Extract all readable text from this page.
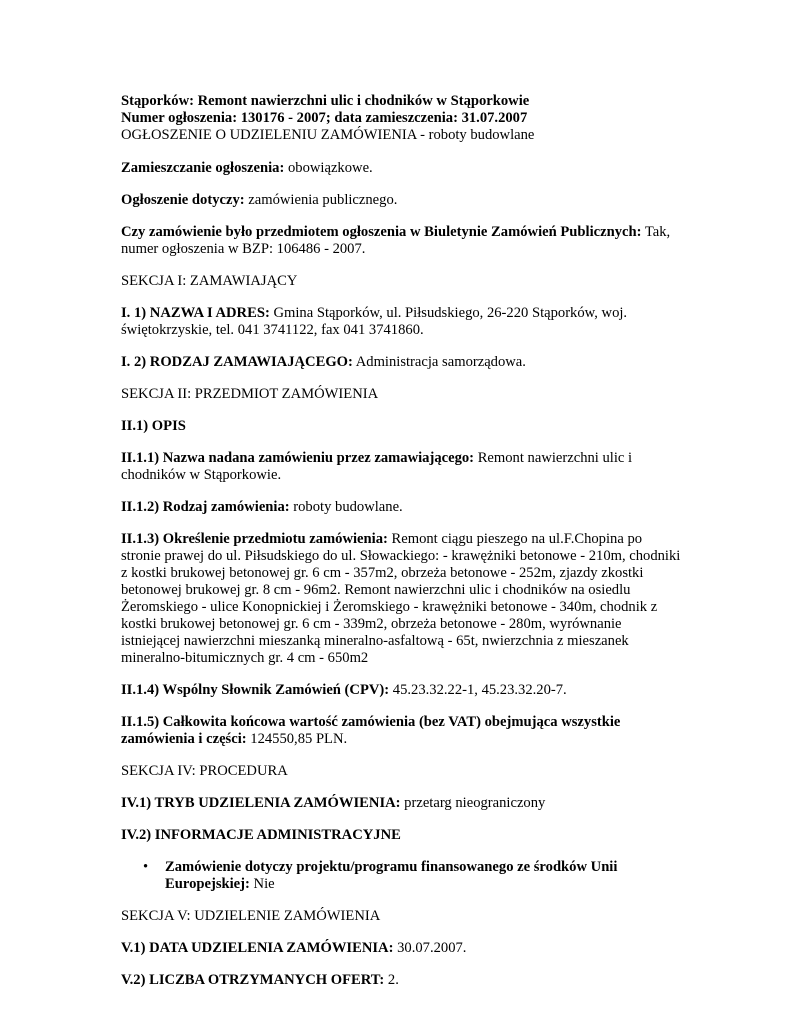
Stąporków: Remont nawierzchni ulic i chodników w Stąporkowie
Numer ogłoszenia: 130176 - 2007; data zamieszczenia: 31.07.2007
OGŁOSZENIE O UDZIELENIU ZAMÓWIENIA - roboty budowlane

Zamieszczanie ogłoszenia: obowiązkowe.

Ogłoszenie dotyczy: zamówienia publicznego.

Czy zamówienie było przedmiotem ogłoszenia w Biuletynie Zamówień Publicznych: Tak, numer ogłoszenia w BZP: 106486 - 2007.

SEKCJA I: ZAMAWIAJĄCY

I. 1) NAZWA I ADRES: Gmina Stąporków, ul. Piłsudskiego, 26-220 Stąporków, woj. świętokrzyskie, tel. 041 3741122, fax 041 3741860.

I. 2) RODZAJ ZAMAWIAJĄCEGO: Administracja samorządowa.

SEKCJA II: PRZEDMIOT ZAMÓWIENIA

II.1) OPIS

II.1.1) Nazwa nadana zamówieniu przez zamawiającego: Remont nawierzchni ulic i chodników w Stąporkowie.

II.1.2) Rodzaj zamówienia: roboty budowlane.

II.1.3) Określenie przedmiotu zamówienia: Remont ciągu pieszego na ul.F.Chopina po stronie prawej do ul. Piłsudskiego do ul. Słowackiego: - krawężniki betonowe - 210m, chodniki z kostki brukowej betonowej gr. 6 cm - 357m2, obrzeża betonowe - 252m, zjazdy zkostki betonowej brukowej gr. 8 cm - 96m2. Remont nawierzchni ulic i chodników na osiedlu Żeromskiego - ulice Konopnickiej i Żeromskiego - krawężniki betonowe - 340m, chodnik z kostki brukowej betonowej gr. 6 cm - 339m2, obrzeża betonowe - 280m, wyrównanie istniejącej nawierzchni mieszanką mineralno-asfaltową - 65t, nwierzchnia z mieszanek mineralno-bitumicznych gr. 4 cm - 650m2

II.1.4) Wspólny Słownik Zamówień (CPV): 45.23.32.22-1, 45.23.32.20-7.

II.1.5) Całkowita końcowa wartość zamówienia (bez VAT) obejmująca wszystkie zamówienia i części: 124550,85 PLN.

SEKCJA IV: PROCEDURA

IV.1) TRYB UDZIELENIA ZAMÓWIENIA: przetarg nieograniczony

IV.2) INFORMACJE ADMINISTRACYJNE

• Zamówienie dotyczy projektu/programu finansowanego ze środków Unii Europejskiej: Nie

SEKCJA V: UDZIELENIE ZAMÓWIENIA

V.1) DATA UDZIELENIA ZAMÓWIENIA: 30.07.2007.

V.2) LICZBA OTRZYMANYCH OFERT: 2.
